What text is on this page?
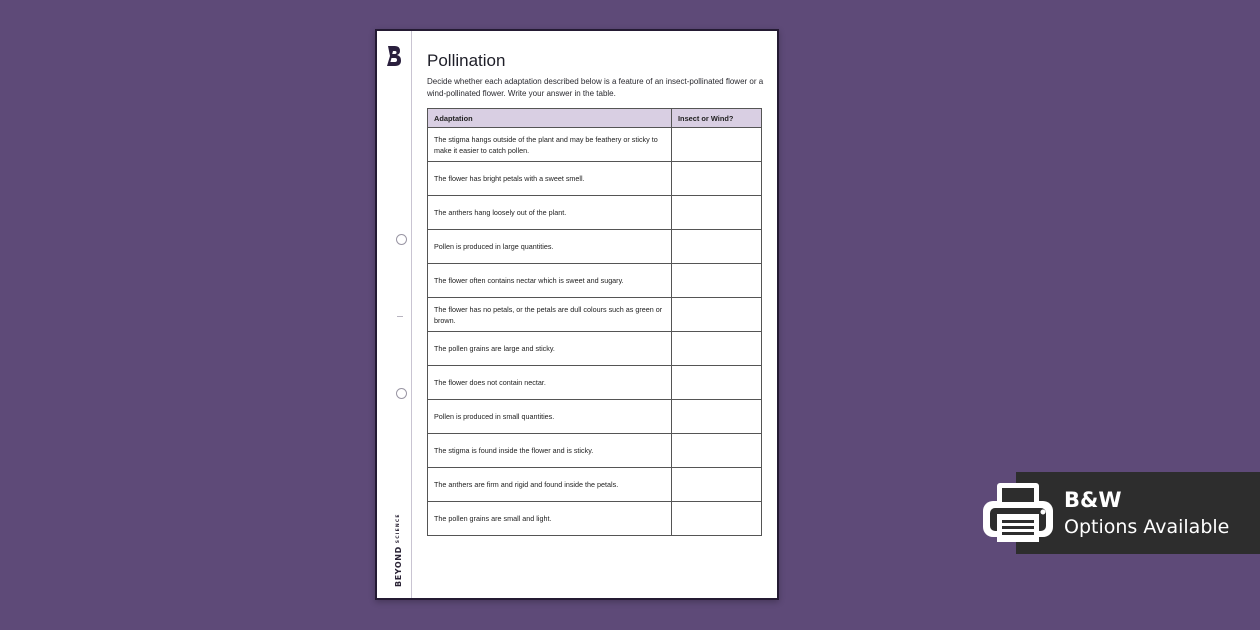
BEYONDSCIENCE
Pollination
Decide whether each adaptation described below is a feature of an insect-pollinated flower or a wind-pollinated flower. Write your answer in the table.
Adaptation	Insect or Wind?
The stigma hangs outside of the plant and may be feathery or sticky to make it easier to catch pollen.	
The flower has bright petals with a sweet smell.	
The anthers hang loosely out of the plant.	
Pollen is produced in large quantities.	
The flower often contains nectar which is sweet and sugary.	
The flower has no petals, or the petals are dull colours such as green or brown.	
The pollen grains are large and sticky.	
The flower does not contain nectar.	
Pollen is produced in small quantities.	
The stigma is found inside the flower and is sticky.	
The anthers are firm and rigid and found inside the petals.	
The pollen grains are small and light.	
B&W
Options Available
